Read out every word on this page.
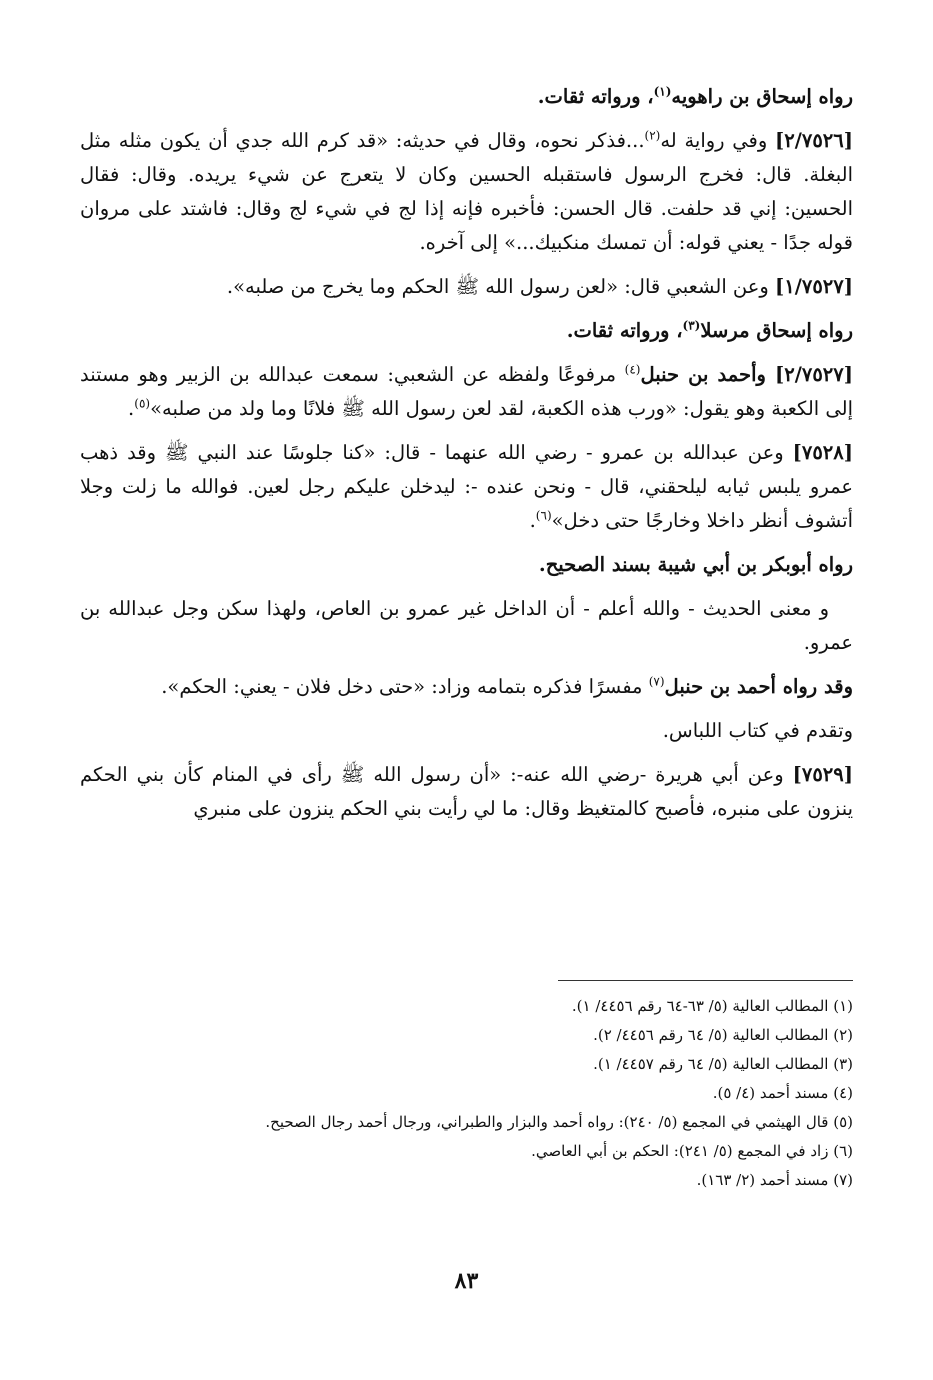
رواه إسحاق بن راهويه$^{(١)}$، ورواته ثقات.

[٢/٧٥٢٦] وفي رواية له$^{(٢)}$...فذكر نحوه، وقال في حديثه: «قد كرم الله جدي أن يكون مثله مثل البغلة. قال: فخرج الرسول فاستقبله الحسين وكان لا يتعرج عن شيء يريده. وقال: فقال الحسين: إني قد حلفت. قال الحسن: فأخبره فإنه إذا لج في شيء لج وقال: فاشتد على مروان قوله جدًا - يعني قوله: أن تمسك منكبيك...» إلى آخره.

[١/٧٥٢٧] وعن الشعبي قال: «لعن رسول الله ﷺ الحكم وما يخرج من صلبه».

رواه إسحاق مرسلا$^{(٣)}$، ورواته ثقات.

[٢/٧٥٢٧] وأحمد بن حنبل$^{(٤)}$ مرفوعًا ولفظه عن الشعبي: سمعت عبدالله بن الزبير وهو مستند إلى الكعبة وهو يقول: «ورب هذه الكعبة، لقد لعن رسول الله ﷺ فلانًا وما ولد من صلبه»$^{(٥)}$.

[٧٥٢٨] وعن عبدالله بن عمرو - رضي الله عنهما - قال: «كنا جلوسًا عند النبي ﷺ وقد ذهب عمرو يلبس ثيابه ليلحقني، قال - ونحن عنده -: ليدخلن عليكم رجل لعين. فوالله ما زلت وجلا أتشوف أنظر داخلا وخارجًا حتى دخل»$^{(٦)}$.

رواه أبوبكر بن أبي شيبة بسند الصحيح.

و معنى الحديث - والله أعلم - أن الداخل غير عمرو بن العاص، ولهذا سكن وجل عبدالله بن عمرو.

وقد رواه أحمد بن حنبل$^{(٧)}$ مفسرًا فذكره بتمامه وزاد: «حتى دخل فلان - يعني: الحكم».

وتقدم في كتاب اللباس.

[٧٥٢٩] وعن أبي هريرة -رضي الله عنه-: «أن رسول الله ﷺ رأى في المنام كأن بني الحكم ينزون على منبره، فأصبح كالمتغيظ وقال: ما لي رأيت بني الحكم ينزون على منبري

(١) المطالب العالية (٥/ ٦٣-٦٤ رقم ٤٤٥٦/ ١).

(٢) المطالب العالية (٥/ ٦٤ رقم ٤٤٥٦/ ٢).

(٣) المطالب العالية (٥/ ٦٤ رقم ٤٤٥٧/ ١).

(٤) مسند أحمد (٤/ ٥).

(٥) قال الهيثمي في المجمع (٥/ ٢٤٠): رواه أحمد والبزار والطبراني، ورجال أحمد رجال الصحيح.

(٦) زاد في المجمع (٥/ ٢٤١): الحكم بن أبي العاصي.

(٧) مسند أحمد (٢/ ١٦٣).

٨٣
